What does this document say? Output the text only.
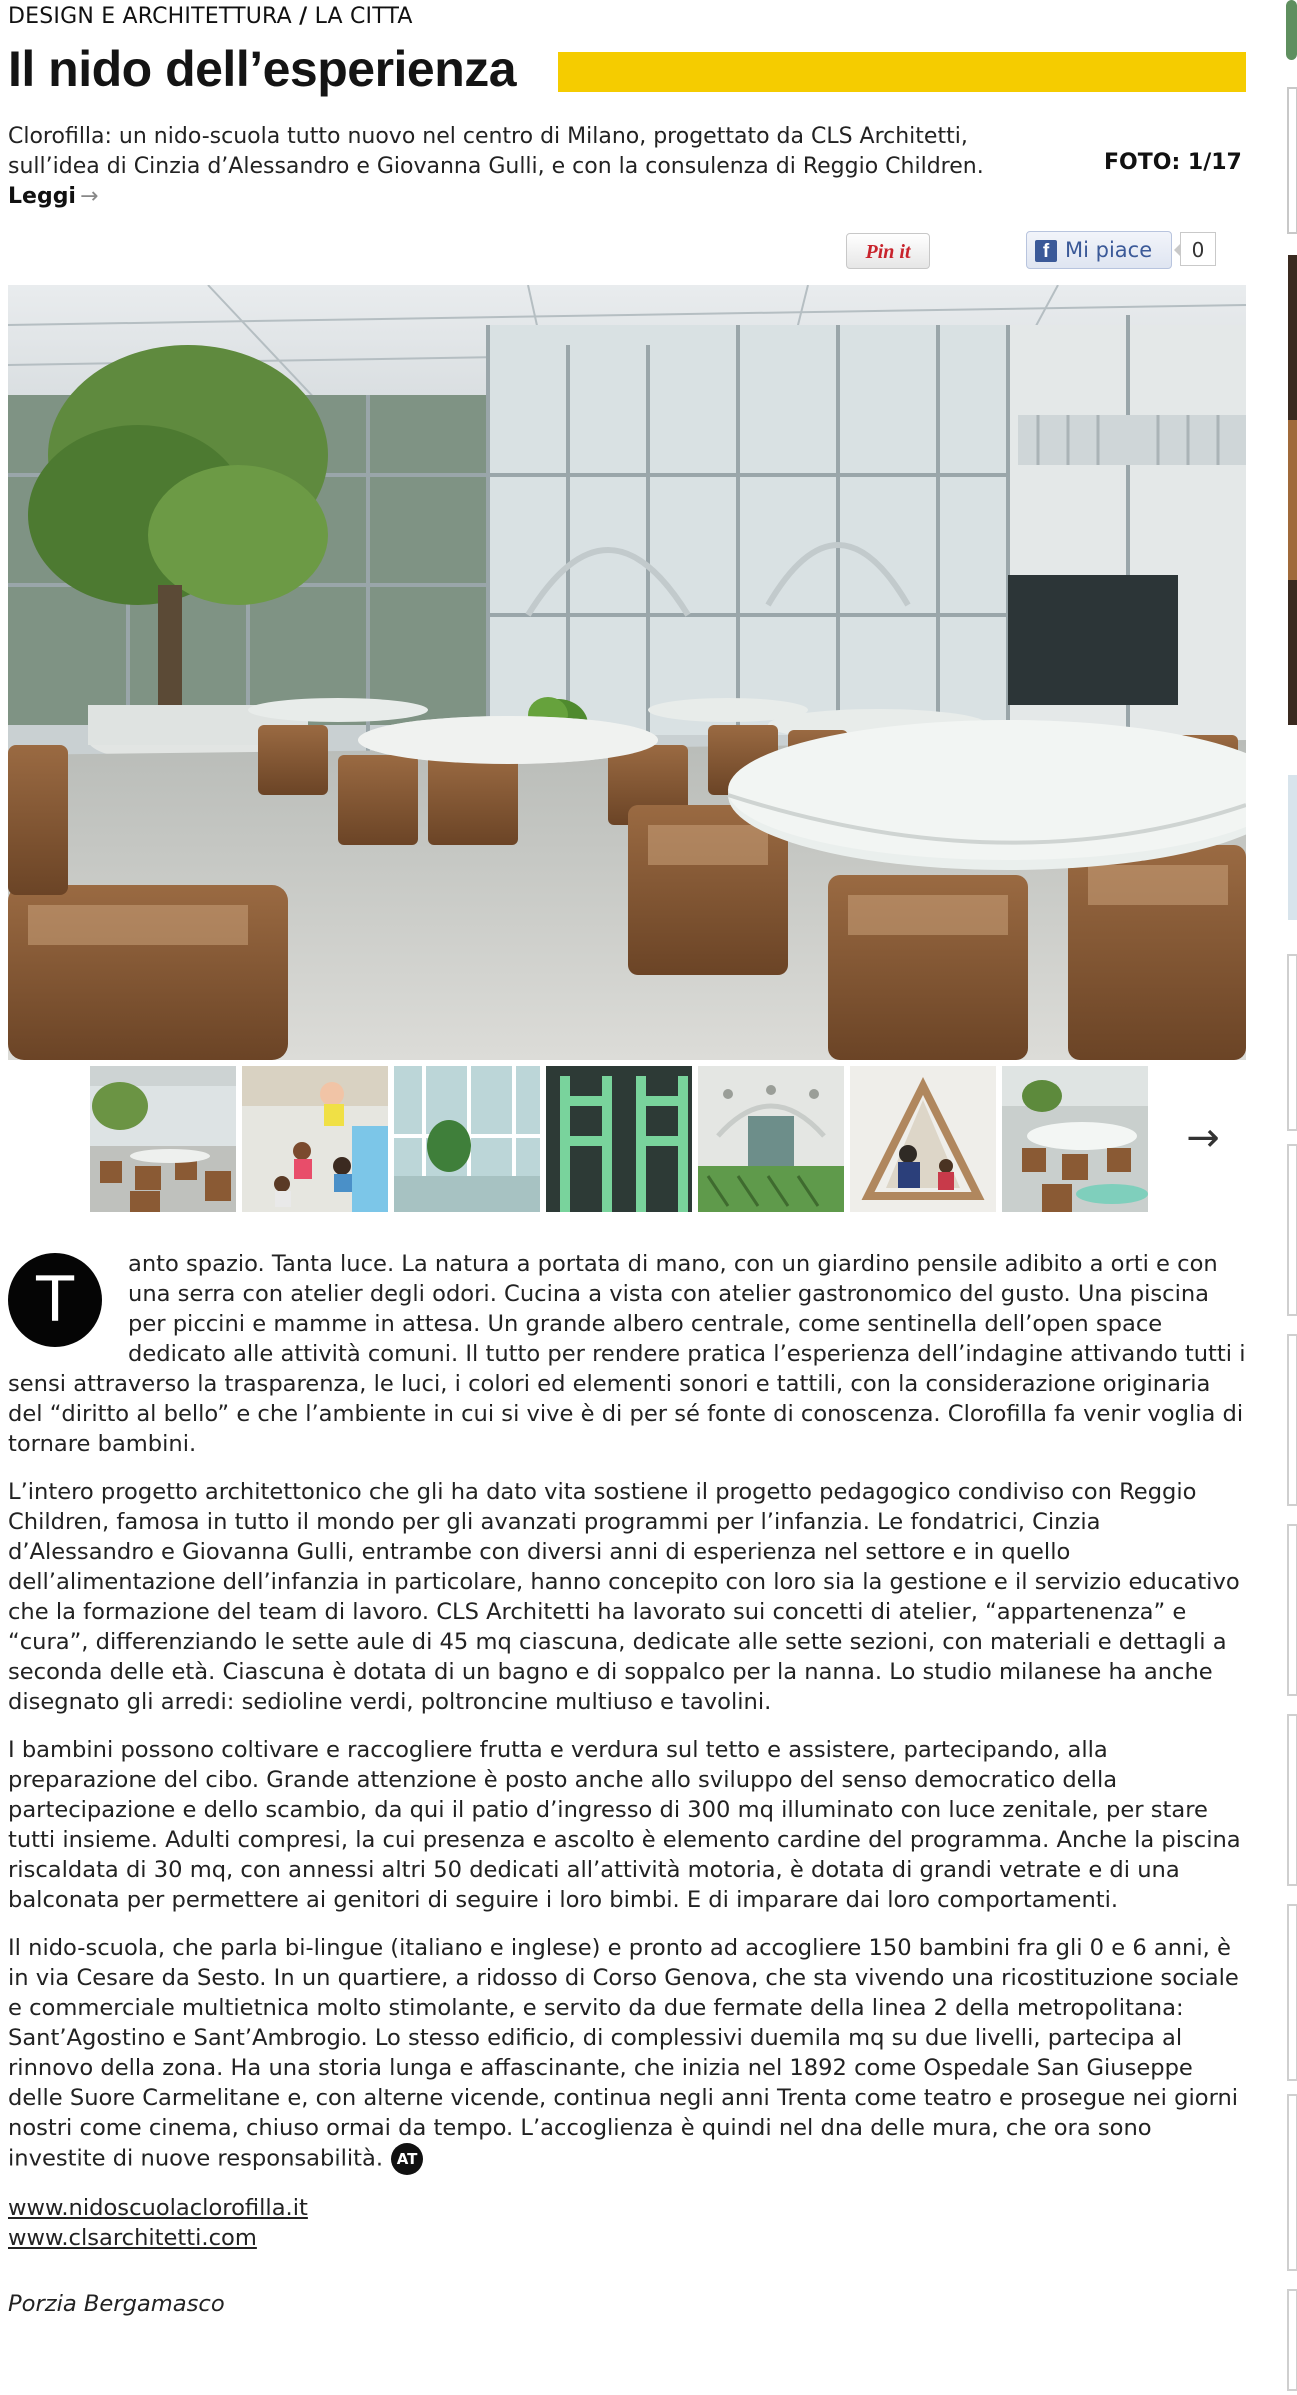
DESIGN E ARCHITETTURA / LA CITTA
Il nido dell’esperienza
Clorofilla: un nido-scuola tutto nuovo nel centro di Milano, progettato da CLS Architetti, sull’idea di Cinzia d’Alessandro e Giovanna Gulli, e con la consulenza di Reggio Children. Leggi →
FOTO: 1/17
Pin it	f Mi piace	0
→

T	anto spazio. Tanta luce. La natura a portata di mano, con un giardino pensile adibito a orti e con una serra con atelier degli odori. Cucina a vista con atelier gastronomico del gusto. Una piscina per piccini e mamme in attesa. Un grande albero centrale, come sentinella dell’open space dedicato alle attività comuni. Il tutto per rendere pratica l’esperienza dell’indagine attivando tutti i sensi attraverso la trasparenza, le luci, i colori ed elementi sonori e tattili, con la considerazione originaria del “diritto al bello” e che l’ambiente in cui si vive è di per sé fonte di conoscenza. Clorofilla fa venir voglia di tornare bambini.

L’intero progetto architettonico che gli ha dato vita sostiene il progetto pedagogico condiviso con Reggio Children, famosa in tutto il mondo per gli avanzati programmi per l’infanzia. Le fondatrici, Cinzia d’Alessandro e Giovanna Gulli, entrambe con diversi anni di esperienza nel settore e in quello dell’alimentazione dell’infanzia in particolare, hanno concepito con loro sia la gestione e il servizio educativo che la formazione del team di lavoro. CLS Architetti ha lavorato sui concetti di atelier, “appartenenza” e “cura”, differenziando le sette aule di 45 mq ciascuna, dedicate alle sette sezioni, con materiali e dettagli a seconda delle età. Ciascuna è dotata di un bagno e di soppalco per la nanna. Lo studio milanese ha anche disegnato gli arredi: sedioline verdi, poltroncine multiuso e tavolini.

I bambini possono coltivare e raccogliere frutta e verdura sul tetto e assistere, partecipando, alla preparazione del cibo. Grande attenzione è posto anche allo sviluppo del senso democratico della partecipazione e dello scambio, da qui il patio d’ingresso di 300 mq illuminato con luce zenitale, per stare tutti insieme. Adulti compresi, la cui presenza e ascolto è elemento cardine del programma. Anche la piscina riscaldata di 30 mq, con annessi altri 50 dedicati all’attività motoria, è dotata di grandi vetrate e di una balconata per permettere ai genitori di seguire i loro bimbi. E di imparare dai loro comportamenti.

Il nido-scuola, che parla bi-lingue (italiano e inglese) e pronto ad accogliere 150 bambini fra gli 0 e 6 anni, è in via Cesare da Sesto. In un quartiere, a ridosso di Corso Genova, che sta vivendo una ricostituzione sociale e commerciale multietnica molto stimolante, e servito da due fermate della linea 2 della metropolitana: Sant’Agostino e Sant’Ambrogio. Lo stesso edificio, di complessivi duemila mq su due livelli, partecipa al rinnovo della zona. Ha una storia lunga e affascinante, che inizia nel 1892 come Ospedale San Giuseppe delle Suore Carmelitane e, con alterne vicende, continua negli anni Trenta come teatro e prosegue nei giorni nostri come cinema, chiuso ormai da tempo. L’accoglienza è quindi nel dna delle mura, che ora sono investite di nuove responsabilità. AT

www.nidoscuolaclorofilla.it
www.clsarchitetti.com
Porzia Bergamasco
